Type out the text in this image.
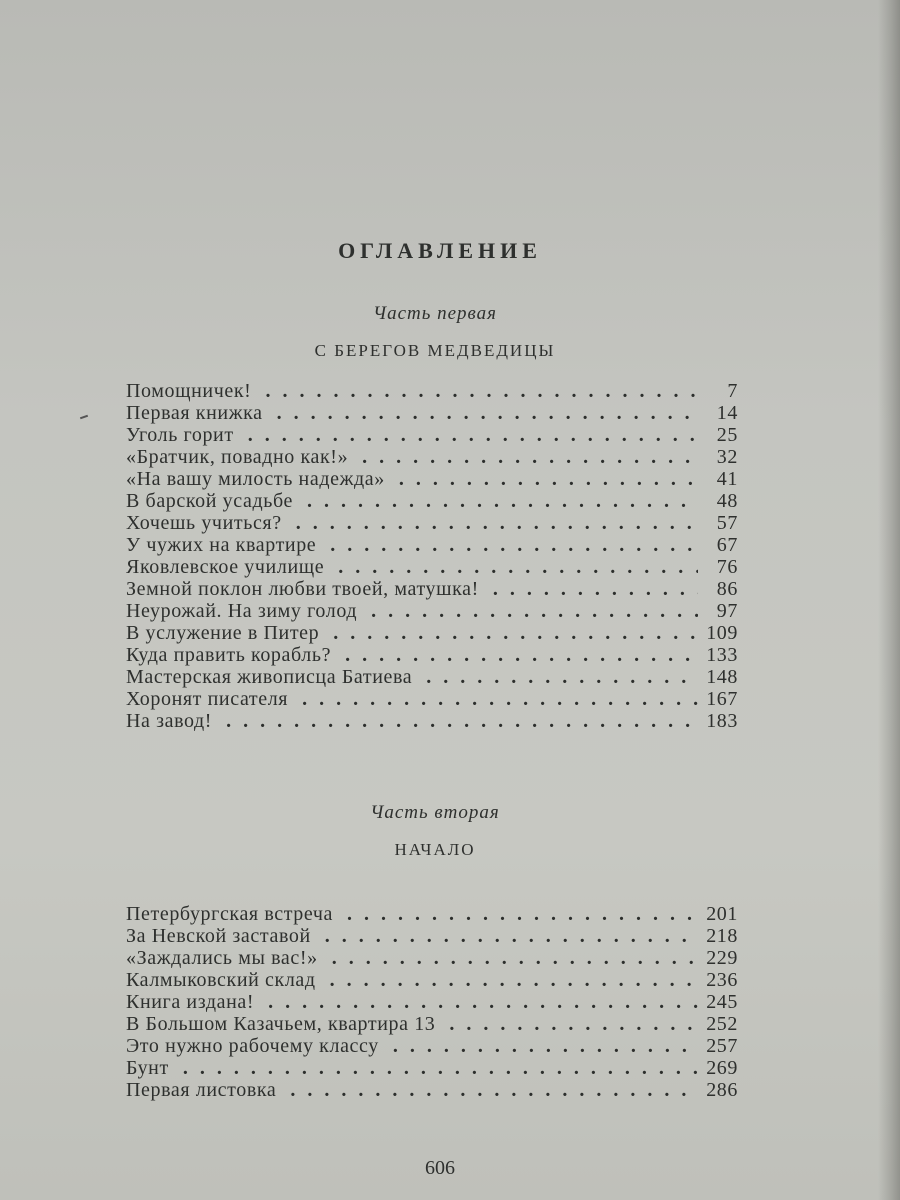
ОГЛАВЛЕНИЕ
Часть первая
С БЕРЕГОВ МЕДВЕДИЦЫ
Помощничек! .....	7
Первая книжка .....	14
Уголь горит .....	25
«Братчик, повадно как!» .....	32
«На вашу милость надежда» .....	41
В барской усадьбе .....	48
Хочешь учиться? .....	57
У чужих на квартире .....	67
Яковлевское училище .....	76
Земной поклон любви твоей, матушка! .....	86
Неурожай. На зиму голод .....	97
В услужение в Питер .....	109
Куда править корабль? .....	133
Мастерская живописца Батиева .....	148
Хоронят писателя .....	167
На завод! .....	183
Часть вторая
НАЧАЛО
Петербургская встреча .....	201
За Невской заставой .....	218
«Заждались мы вас!» .....	229
Калмыковский склад .....	236
Книга издана! .....	245
В Большом Казачьем, квартира 13 .....	252
Это нужно рабочему классу .....	257
Бунт .....	269
Первая листовка .....	286
606
